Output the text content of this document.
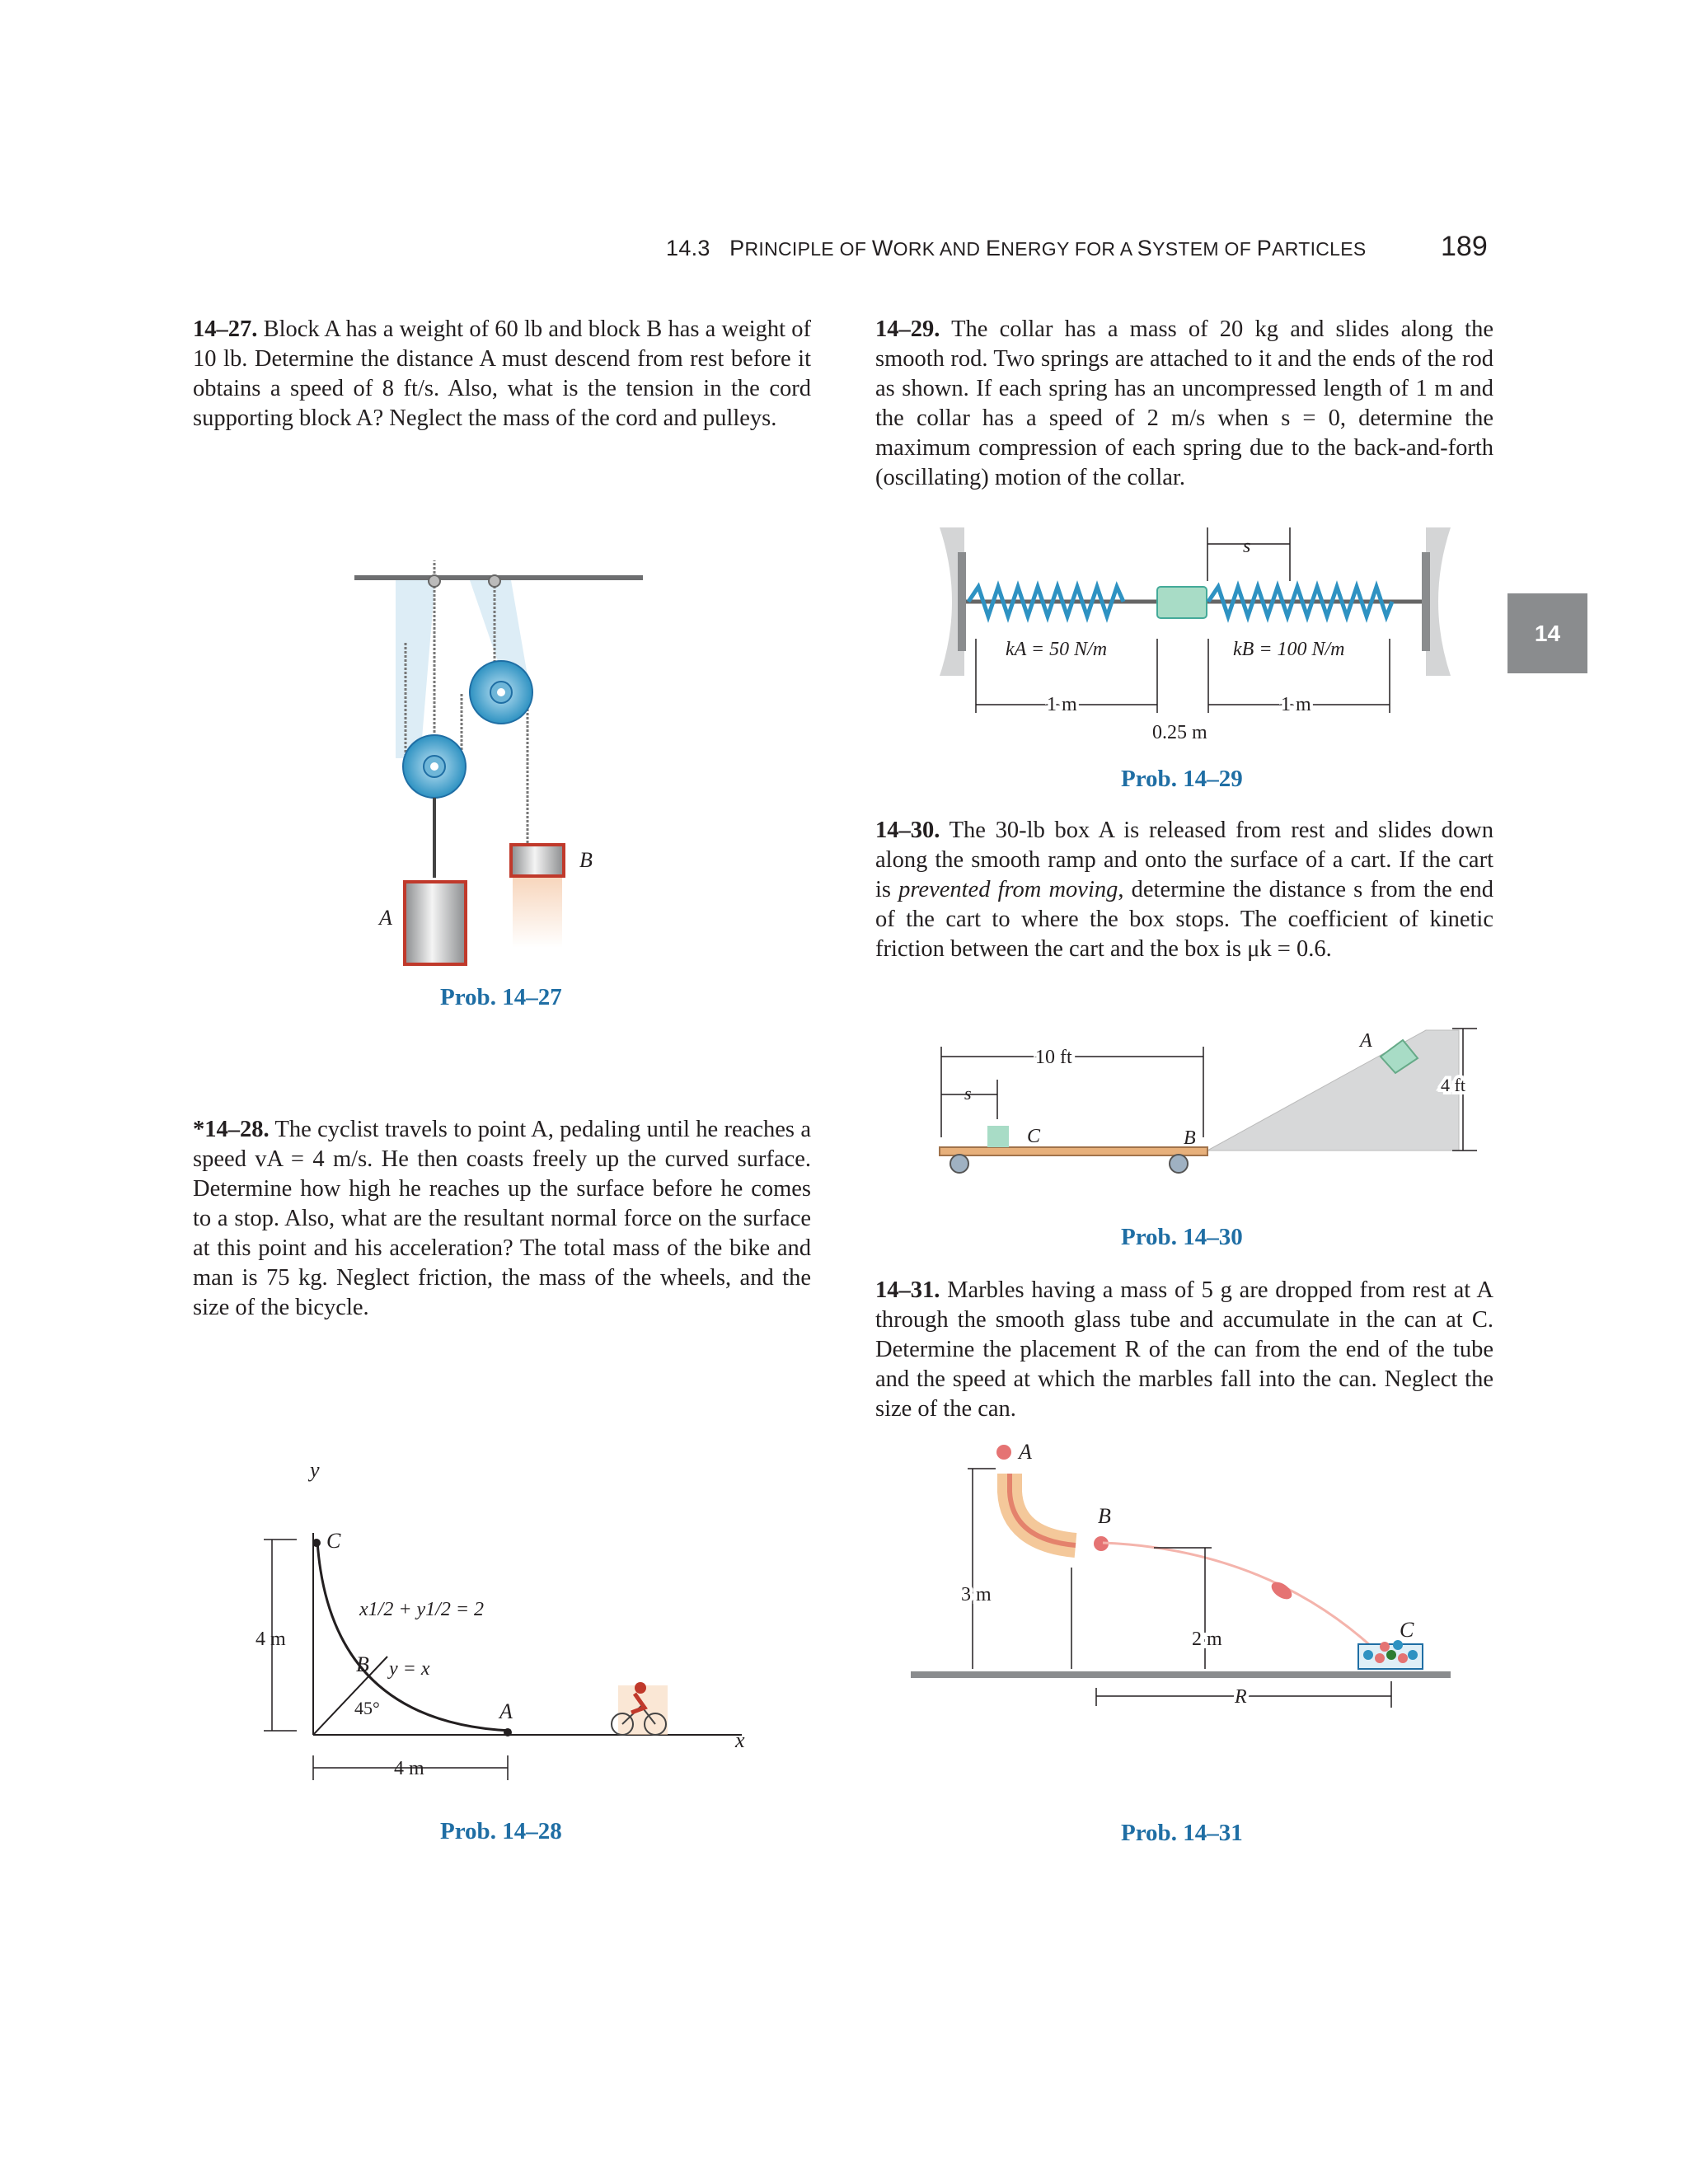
14.3 PRINCIPLE OF WORK AND ENERGY FOR A SYSTEM OF PARTICLES	189
14
14–27. Block A has a weight of 60 lb and block B has a weight of 10 lb. Determine the distance A must descend from rest before it obtains a speed of 8 ft/s. Also, what is the tension in the cord supporting block A? Neglect the mass of the cord and pulleys.
B
A
Prob. 14–27
*14–28. The cyclist travels to point A, pedaling until he reaches a speed vA = 4 m/s. He then coasts freely up the curved surface. Determine how high he reaches up the surface before he comes to a stop. Also, what are the resultant normal force on the surface at this point and his acceleration? The total mass of the bike and man is 75 kg. Neglect friction, the mass of the wheels, and the size of the bicycle.
y
x
C
B y = x
x1/2 + y1/2 = 2
45°	A
4 m
4 m
Prob. 14–28
14–29. The collar has a mass of 20 kg and slides along the smooth rod. Two springs are attached to it and the ends of the rod as shown. If each spring has an uncompressed length of 1 m and the collar has a speed of 2 m/s when s = 0, determine the maximum compression of each spring due to the back-and-forth (oscillating) motion of the collar.
s
kA = 50 N/m	kB = 100 N/m
1 m	1 m
0.25 m
Prob. 14–29
14–30. The 30-lb box A is released from rest and slides down along the smooth ramp and onto the surface of a cart. If the cart is prevented from moving, determine the distance s from the end of the cart to where the box stops. The coefficient of kinetic friction between the cart and the box is μk = 0.6.
A
4 ft
C	B
10 ft
s
Prob. 14–30
14–31. Marbles having a mass of 5 g are dropped from rest at A through the smooth glass tube and accumulate in the can at C. Determine the placement R of the can from the end of the tube and the speed at which the marbles fall into the can. Neglect the size of the can.
A
B
C
3 m
2 m
R
Prob. 14–31
